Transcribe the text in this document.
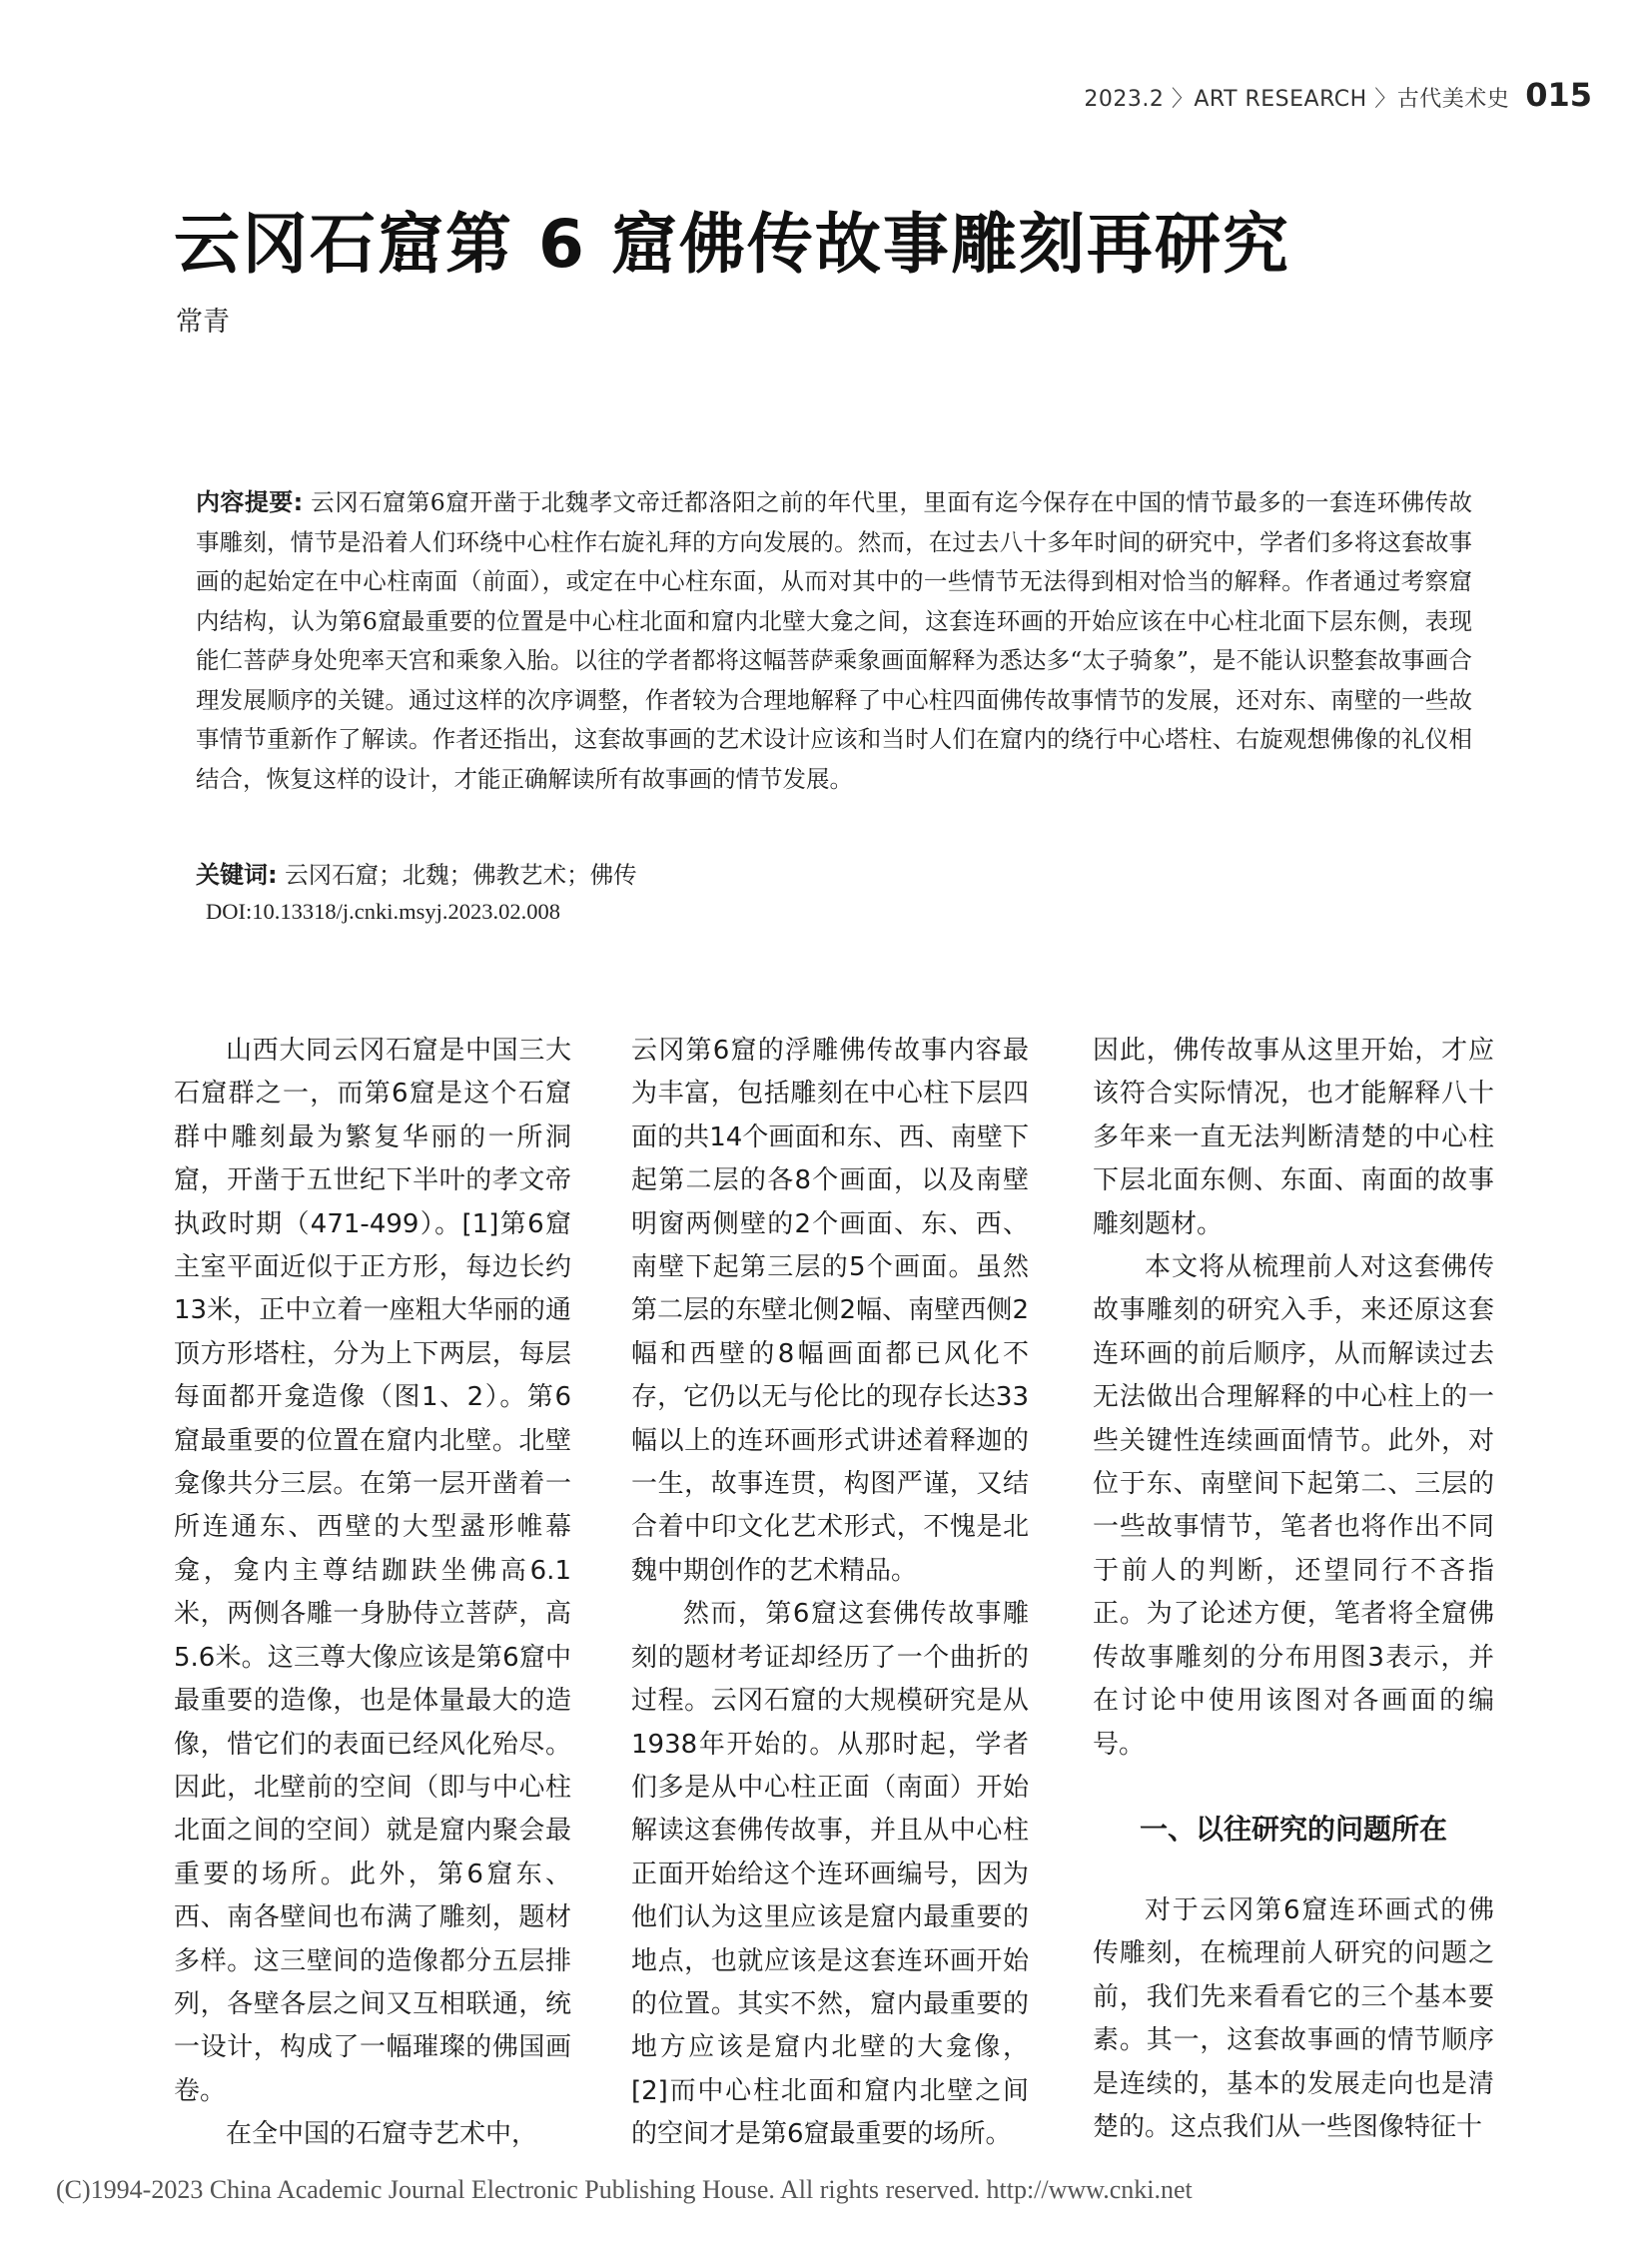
2023.2 〉ART RESEARCH 〉古代美术史 015
云冈石窟第 6 窟佛传故事雕刻再研究
常青
内容提要: 云冈石窟第6窟开凿于北魏孝文帝迁都洛阳之前的年代里，里面有迄今保存在中国的情节最多的一套连环佛传故事雕刻，情节是沿着人们环绕中心柱作右旋礼拜的方向发展的。然而，在过去八十多年时间的研究中，学者们多将这套故事画的起始定在中心柱南面（前面），或定在中心柱东面，从而对其中的一些情节无法得到相对恰当的解释。作者通过考察窟内结构，认为第6窟最重要的位置是中心柱北面和窟内北壁大龛之间，这套连环画的开始应该在中心柱北面下层东侧，表现能仁菩萨身处兜率天宫和乘象入胎。以往的学者都将这幅菩萨乘象画面解释为悉达多“太子骑象”，是不能认识整套故事画合理发展顺序的关键。通过这样的次序调整，作者较为合理地解释了中心柱四面佛传故事情节的发展，还对东、南壁的一些故事情节重新作了解读。作者还指出，这套故事画的艺术设计应该和当时人们在窟内的绕行中心塔柱、右旋观想佛像的礼仪相结合，恢复这样的设计，才能正确解读所有故事画的情节发展。
关键词: 云冈石窟；北魏；佛教艺术；佛传
DOI:10.13318/j.cnki.msyj.2023.02.008

山西大同云冈石窟是中国三大石窟群之一，而第6窟是这个石窟群中雕刻最为繁复华丽的一所洞窟，开凿于五世纪下半叶的孝文帝执政时期（471-499）。[1]第6窟主室平面近似于正方形，每边长约13米，正中立着一座粗大华丽的通顶方形塔柱，分为上下两层，每层每面都开龛造像（图1、2）。第6窟最重要的位置在窟内北壁。北壁龛像共分三层。在第一层开凿着一所连通东、西壁的大型盝形帷幕龛，龛内主尊结跏趺坐佛高6.1米，两侧各雕一身胁侍立菩萨，高5.6米。这三尊大像应该是第6窟中最重要的造像，也是体量最大的造像，惜它们的表面已经风化殆尽。因此，北壁前的空间（即与中心柱北面之间的空间）就是窟内聚会最重要的场所。此外，第6窟东、西、南各壁间也布满了雕刻，题材多样。这三壁间的造像都分五层排列，各壁各层之间又互相联通，统一设计，构成了一幅璀璨的佛国画卷。

在全中国的石窟寺艺术中，

云冈第6窟的浮雕佛传故事内容最为丰富，包括雕刻在中心柱下层四面的共14个画面和东、西、南壁下起第二层的各8个画面，以及南壁明窗两侧壁的2个画面、东、西、南壁下起第三层的5个画面。虽然第二层的东壁北侧2幅、南壁西侧2幅和西壁的8幅画面都已风化不存，它仍以无与伦比的现存长达33幅以上的连环画形式讲述着释迦的一生，故事连贯，构图严谨，又结合着中印文化艺术形式，不愧是北魏中期创作的艺术精品。

然而，第6窟这套佛传故事雕刻的题材考证却经历了一个曲折的过程。云冈石窟的大规模研究是从1938年开始的。从那时起，学者们多是从中心柱正面（南面）开始解读这套佛传故事，并且从中心柱正面开始给这个连环画编号，因为他们认为这里应该是窟内最重要的地点，也就应该是这套连环画开始的位置。其实不然，窟内最重要的地方应该是窟内北壁的大龛像，[2]而中心柱北面和窟内北壁之间的空间才是第6窟最重要的场所。

因此，佛传故事从这里开始，才应该符合实际情况，也才能解释八十多年来一直无法判断清楚的中心柱下层北面东侧、东面、南面的故事雕刻题材。

本文将从梳理前人对这套佛传故事雕刻的研究入手，来还原这套连环画的前后顺序，从而解读过去无法做出合理解释的中心柱上的一些关键性连续画面情节。此外，对位于东、南壁间下起第二、三层的一些故事情节，笔者也将作出不同于前人的判断，还望同行不吝指正。为了论述方便，笔者将全窟佛传故事雕刻的分布用图3表示，并在讨论中使用该图对各画面的编号。

一、以往研究的问题所在

对于云冈第6窟连环画式的佛传雕刻，在梳理前人研究的问题之前，我们先来看看它的三个基本要素。其一，这套故事画的情节顺序是连续的，基本的发展走向也是清楚的。这点我们从一些图像特征十

(C)1994-2023 China Academic Journal Electronic Publishing House. All rights reserved. http://www.cnki.net
